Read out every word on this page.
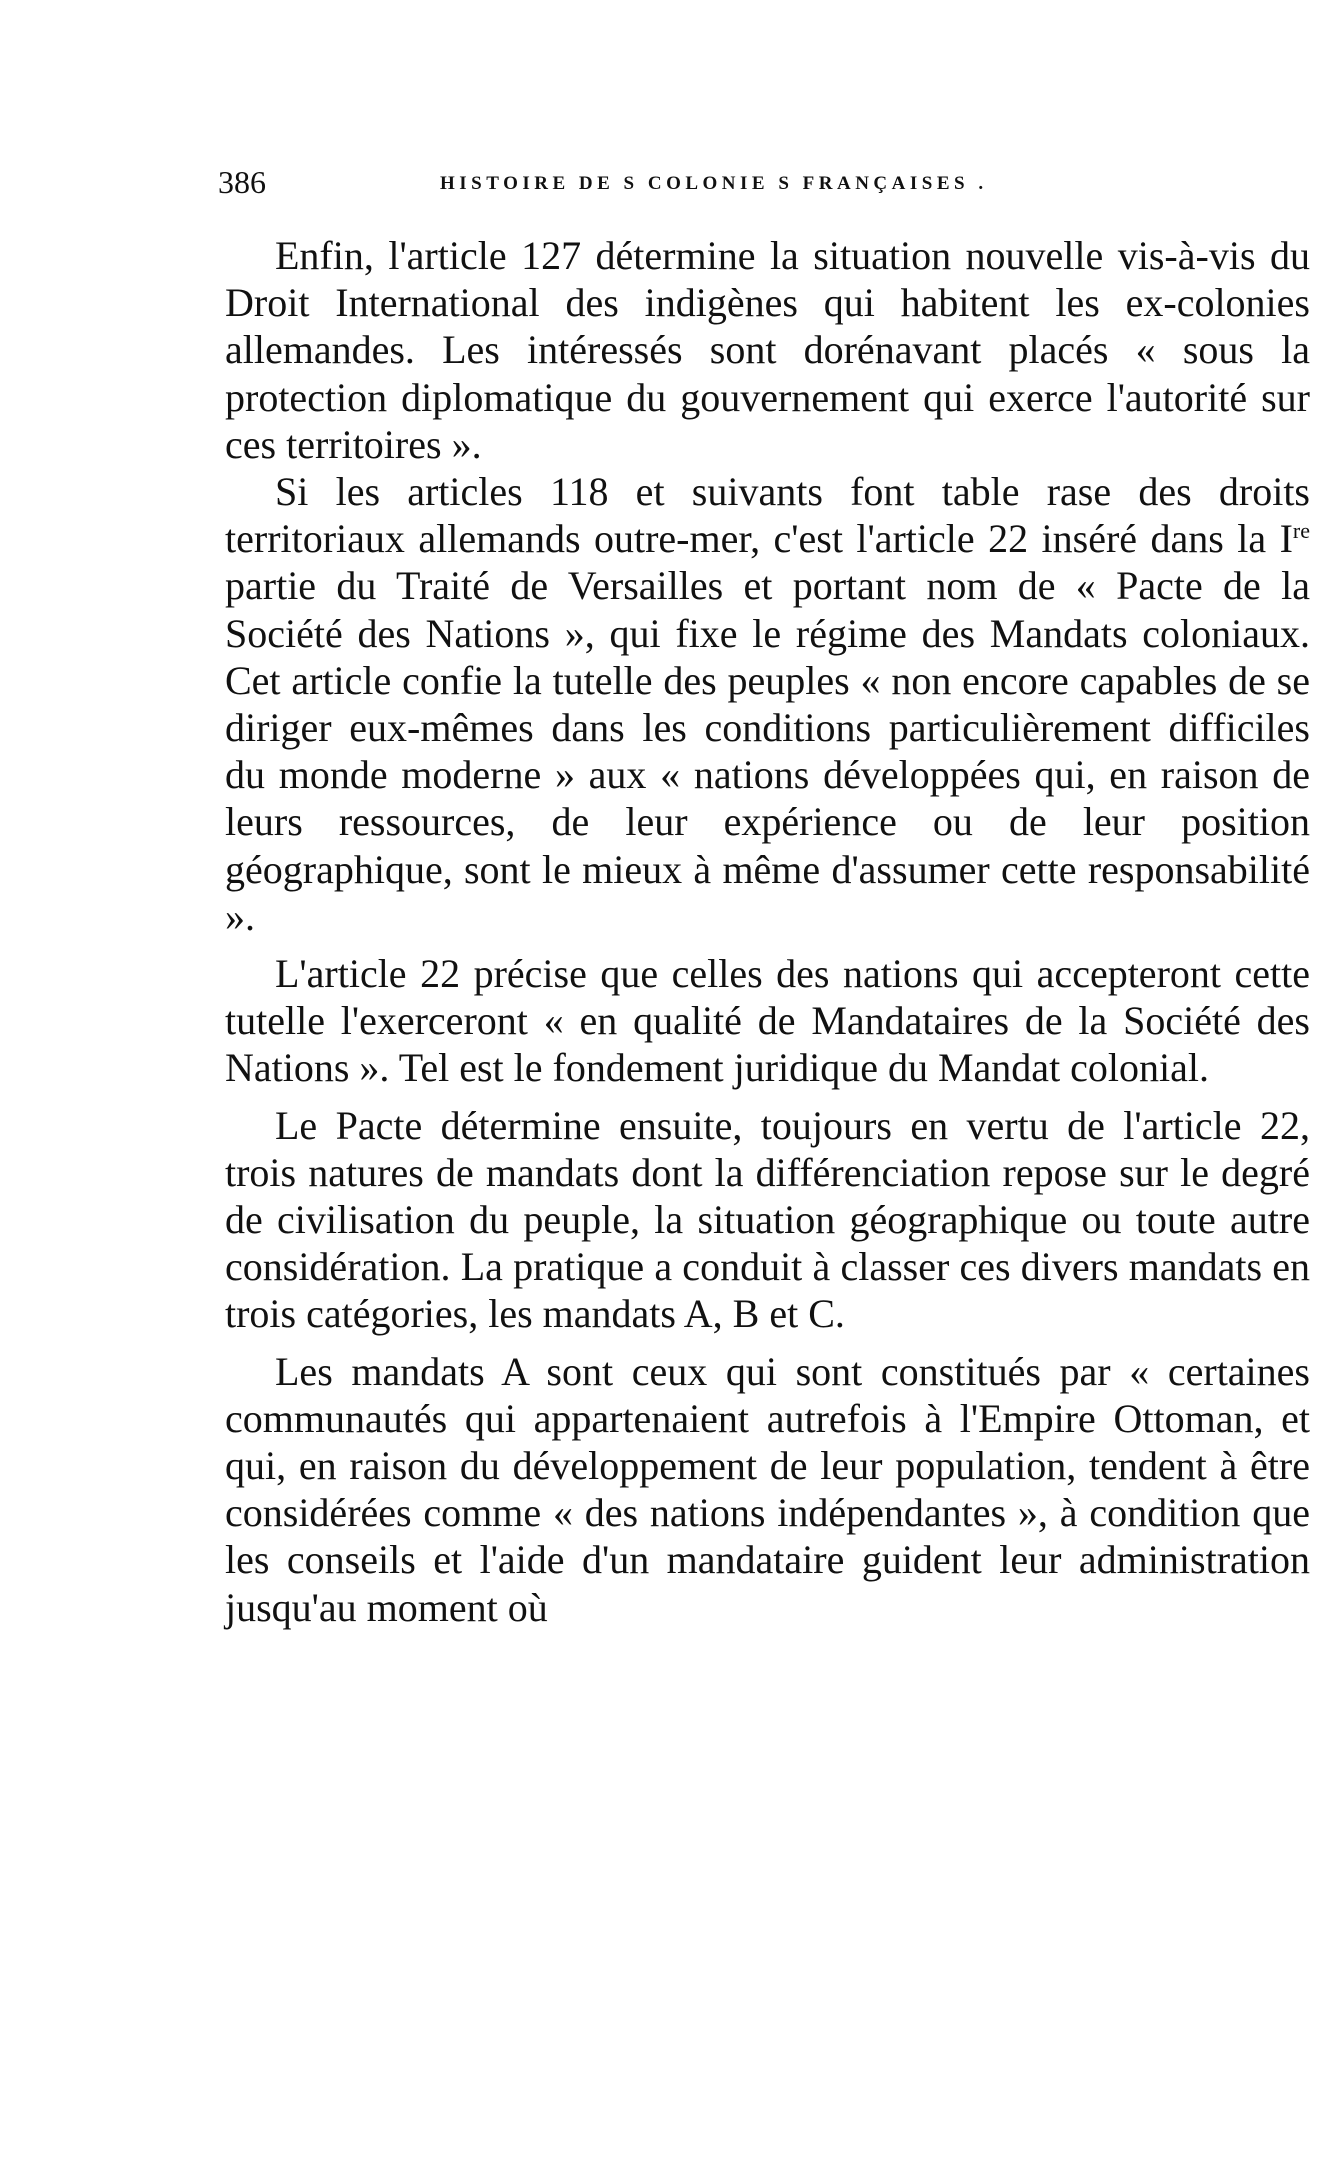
386	HISTOIRE DE S COLONIE S FRANÇAISES .

Enfin, l'article 127 détermine la situation nouvelle vis-à-vis du Droit International des indigènes qui habitent les ex-colonies allemandes. Les intéressés sont dorénavant placés « sous la protection diplomatique du gouvernement qui exerce l'autorité sur ces territoires ».

Si les articles 118 et suivants font table rase des droits territoriaux allemands outre-mer, c'est l'article 22 inséré dans la Ire partie du Traité de Versailles et portant nom de « Pacte de la Société des Nations », qui fixe le régime des Mandats coloniaux. Cet article confie la tutelle des peuples « non encore capables de se diriger eux-mêmes dans les conditions particulièrement difficiles du monde moderne » aux « nations développées qui, en raison de leurs ressources, de leur expérience ou de leur position géographique, sont le mieux à même d'assumer cette responsabilité ».

L'article 22 précise que celles des nations qui accepteront cette tutelle l'exerceront « en qualité de Mandataires de la Société des Nations ». Tel est le fondement juridique du Mandat colonial.

Le Pacte détermine ensuite, toujours en vertu de l'article 22, trois natures de mandats dont la différenciation repose sur le degré de civilisation du peuple, la situation géographique ou toute autre considération. La pratique a conduit à classer ces divers mandats en trois catégories, les mandats A, B et C.

Les mandats A sont ceux qui sont constitués par « certaines communautés qui appartenaient autrefois à l'Empire Ottoman, et qui, en raison du développement de leur population, tendent à être considérées comme « des nations indépendantes », à condition que les conseils et l'aide d'un mandataire guident leur administration jusqu'au moment où
